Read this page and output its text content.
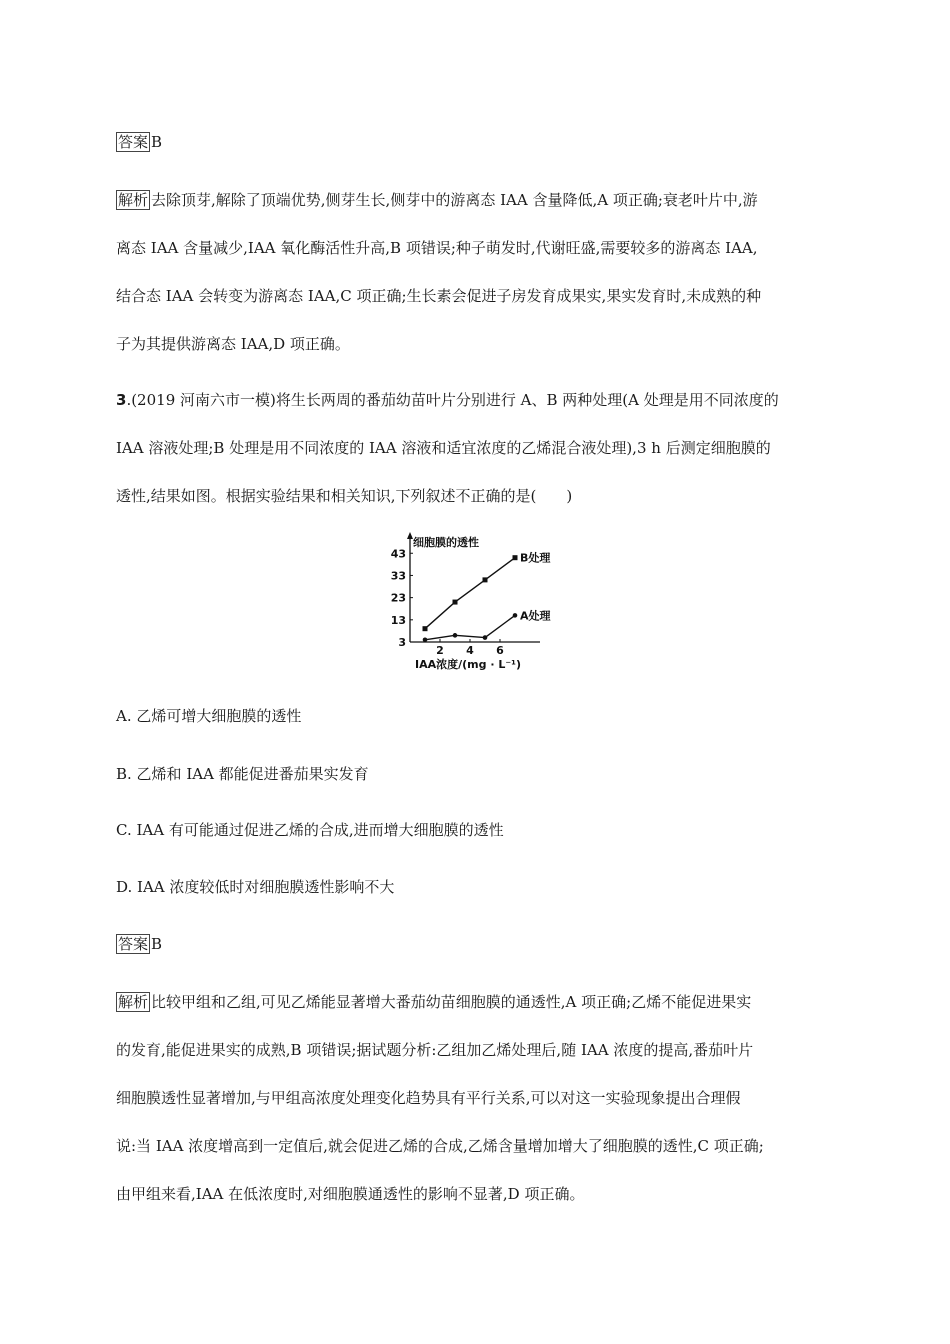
答案 B
解析 去除顶芽,解除了顶端优势,侧芽生长,侧芽中的游离态 IAA 含量降低,A 项正确;衰老叶片中,游
离态 IAA 含量减少,IAA 氧化酶活性升高,B 项错误;种子萌发时,代谢旺盛,需要较多的游离态 IAA,
结合态 IAA 会转变为游离态 IAA,C 项正确;生长素会促进子房发育成果实,果实发育时,未成熟的种
子为其提供游离态 IAA,D 项正确。
3.(2019 河南六市一模)将生长两周的番茄幼苗叶片分别进行 A、B 两种处理(A 处理是用不同浓度的
IAA 溶液处理;B 处理是用不同浓度的 IAA 溶液和适宜浓度的乙烯混合液处理),3 h 后测定细胞膜的
透性,结果如图。根据实验结果和相关知识,下列叙述不正确的是(　　)
细胞膜的透性
IAA浓度/(mg · L⁻¹)
3
13
23
33
43
2 4 6
B处理
A处理
A. 乙烯可增大细胞膜的透性
B. 乙烯和 IAA 都能促进番茄果实发育
C. IAA 有可能通过促进乙烯的合成,进而增大细胞膜的透性
D. IAA 浓度较低时对细胞膜透性影响不大
答案 B
解析 比较甲组和乙组,可见乙烯能显著增大番茄幼苗细胞膜的通透性,A 项正确;乙烯不能促进果实
的发育,能促进果实的成熟,B 项错误;据试题分析:乙组加乙烯处理后,随 IAA 浓度的提高,番茄叶片
细胞膜透性显著增加,与甲组高浓度处理变化趋势具有平行关系,可以对这一实验现象提出合理假
说:当 IAA 浓度增高到一定值后,就会促进乙烯的合成,乙烯含量增加增大了细胞膜的透性,C 项正确;
由甲组来看,IAA 在低浓度时,对细胞膜通透性的影响不显著,D 项正确。
